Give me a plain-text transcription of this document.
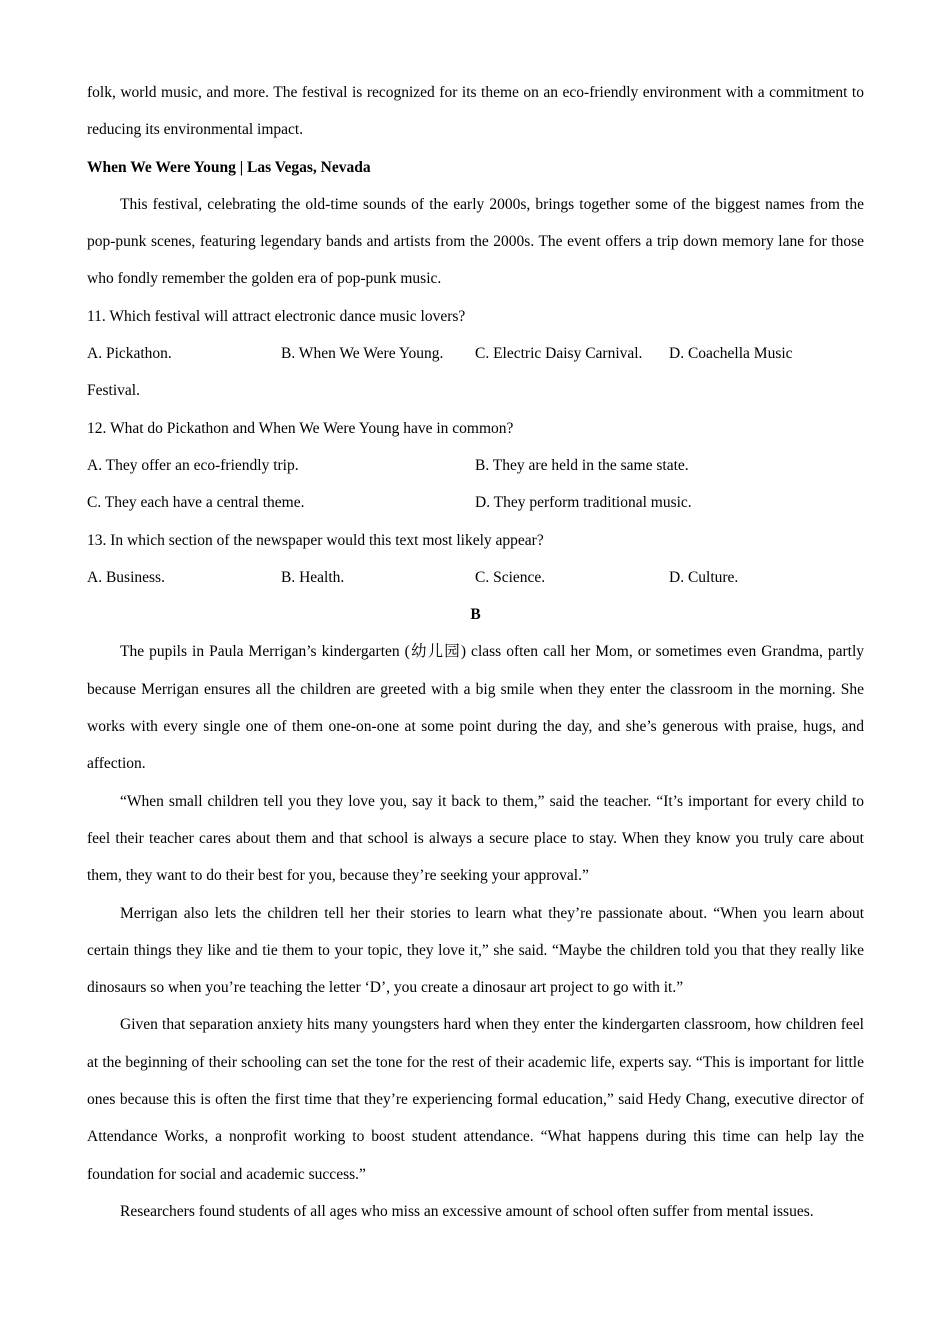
folk, world music, and more. The festival is recognized for its theme on an eco-friendly environment with a commitment to reducing its environmental impact.

When We Were Young | Las Vegas, Nevada

This festival, celebrating the old-time sounds of the early 2000s, brings together some of the biggest names from the pop-punk scenes, featuring legendary bands and artists from the 2000s. The event offers a trip down memory lane for those who fondly remember the golden era of pop-punk music.

11. Which festival will attract electronic dance music lovers?

A. Pickathon.	B. When We Were Young.	C. Electric Daisy Carnival.	D. Coachella Music

Festival.

12. What do Pickathon and When We Were Young have in common?

A. They offer an eco-friendly trip.	B. They are held in the same state.
C. They each have a central theme.	D. They perform traditional music.

13. In which section of the newspaper would this text most likely appear?

A. Business.	B. Health.	C. Science.	D. Culture.

B

The pupils in Paula Merrigan’s kindergarten (幼儿园) class often call her Mom, or sometimes even Grandma, partly because Merrigan ensures all the children are greeted with a big smile when they enter the classroom in the morning. She works with every single one of them one-on-one at some point during the day, and she’s generous with praise, hugs, and affection.

“When small children tell you they love you, say it back to them,” said the teacher. “It’s important for every child to feel their teacher cares about them and that school is always a secure place to stay. When they know you truly care about them, they want to do their best for you, because they’re seeking your approval.”

Merrigan also lets the children tell her their stories to learn what they’re passionate about. “When you learn about certain things they like and tie them to your topic, they love it,” she said. “Maybe the children told you that they really like dinosaurs so when you’re teaching the letter ‘D’, you create a dinosaur art project to go with it.”

Given that separation anxiety hits many youngsters hard when they enter the kindergarten classroom, how children feel at the beginning of their schooling can set the tone for the rest of their academic life, experts say. “This is important for little ones because this is often the first time that they’re experiencing formal education,” said Hedy Chang, executive director of Attendance Works, a nonprofit working to boost student attendance. “What happens during this time can help lay the foundation for social and academic success.”

Researchers found students of all ages who miss an excessive amount of school often suffer from mental issues.
